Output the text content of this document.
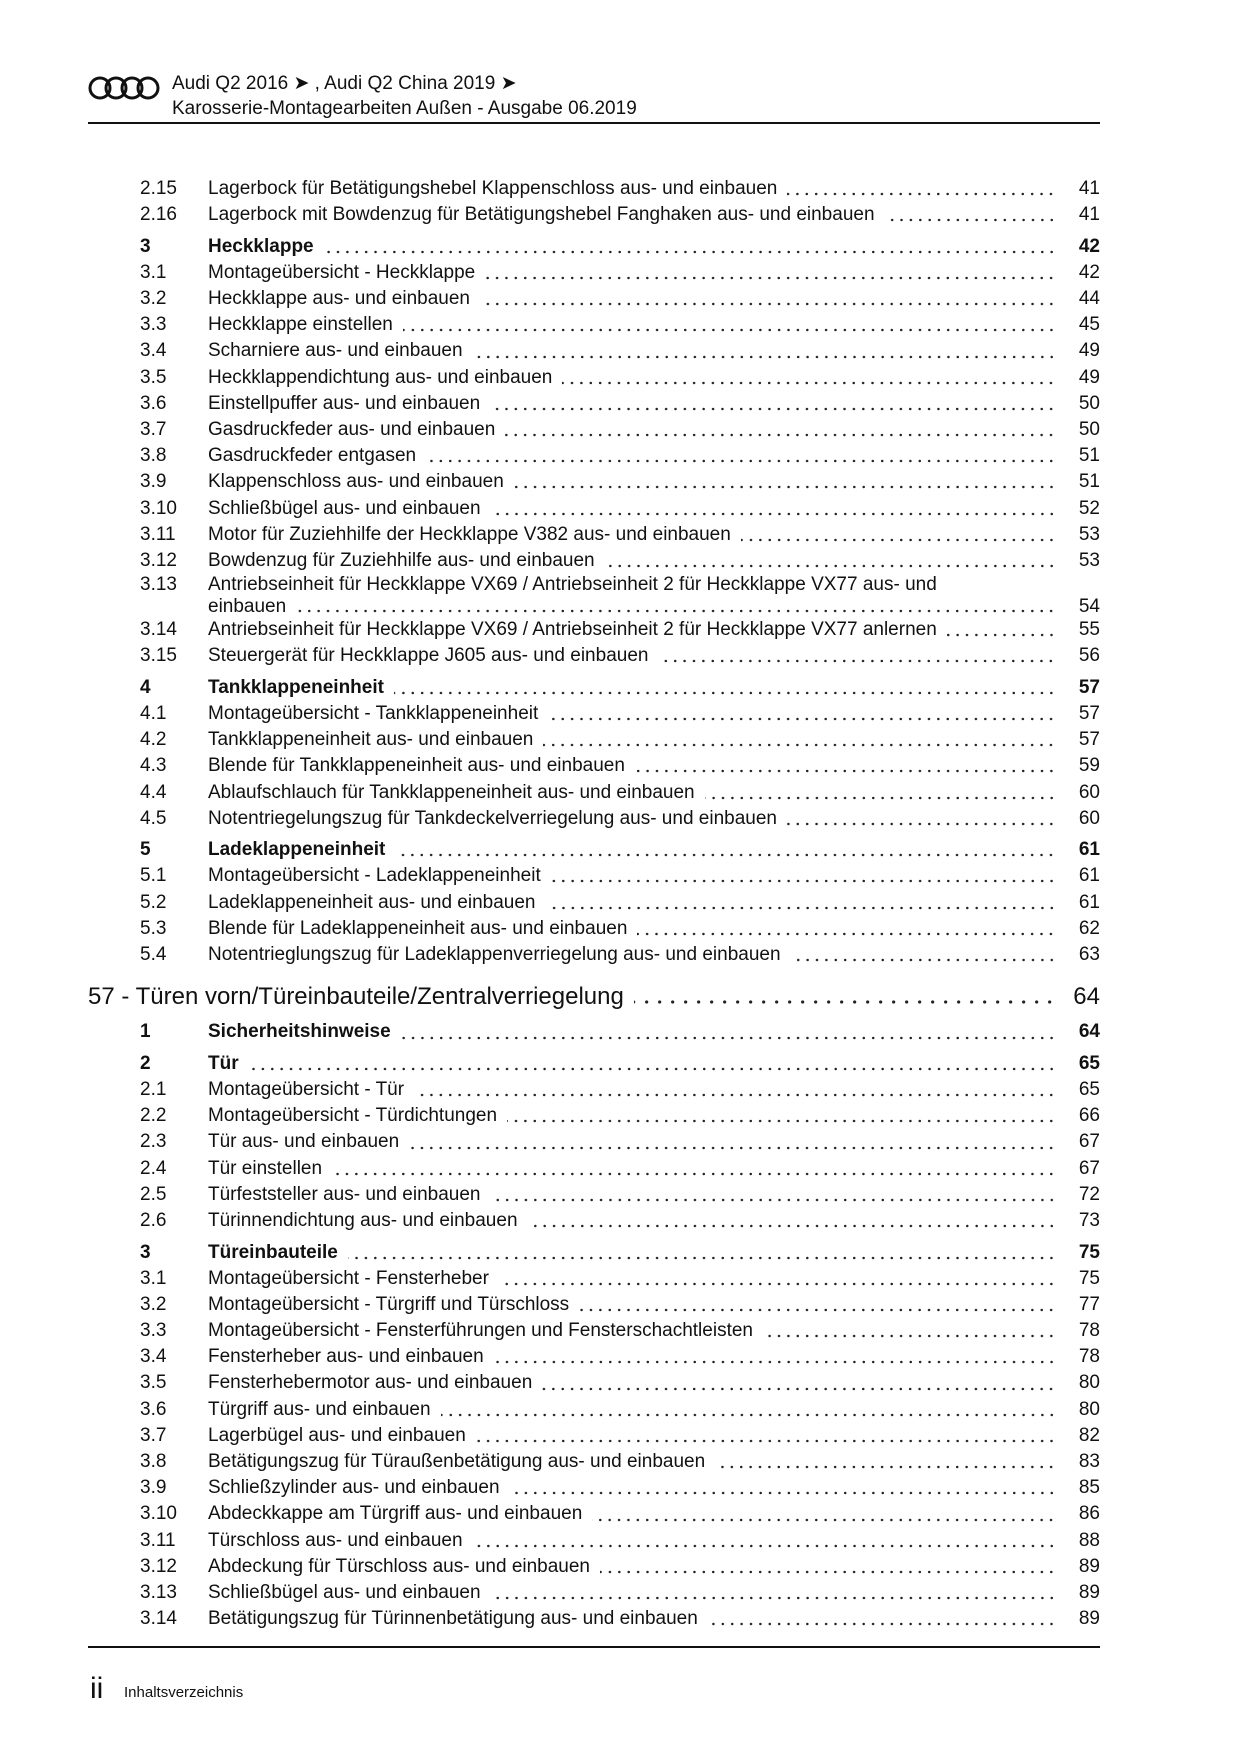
Audi Q2 2016 ➤ , Audi Q2 China 2019 ➤
Karosserie-Montagearbeiten Außen - Ausgabe 06.2019
2.15	Lagerbock für Betätigungshebel Klappenschloss aus- und einbauen	41
2.16	Lagerbock mit Bowdenzug für Betätigungshebel Fanghaken aus- und einbauen	41
3	Heckklappe	42
3.1	Montageübersicht - Heckklappe	42
3.2	Heckklappe aus- und einbauen	44
3.3	Heckklappe einstellen	45
3.4	Scharniere aus- und einbauen	49
3.5	Heckklappendichtung aus- und einbauen	49
3.6	Einstellpuffer aus- und einbauen	50
3.7	Gasdruckfeder aus- und einbauen	50
3.8	Gasdruckfeder entgasen	51
3.9	Klappenschloss aus- und einbauen	51
3.10	Schließbügel aus- und einbauen	52
3.11	Motor für Zuziehhilfe der Heckklappe V382 aus- und einbauen	53
3.12	Bowdenzug für Zuziehhilfe aus- und einbauen	53
3.13	Antriebseinheit für Heckklappe VX69 / Antriebseinheit 2 für Heckklappe VX77 aus- und
einbauen	54
3.14	Antriebseinheit für Heckklappe VX69 / Antriebseinheit 2 für Heckklappe VX77 anlernen	55
3.15	Steuergerät für Heckklappe J605 aus- und einbauen	56
4	Tankklappeneinheit	57
4.1	Montageübersicht - Tankklappeneinheit	57
4.2	Tankklappeneinheit aus- und einbauen	57
4.3	Blende für Tankklappeneinheit aus- und einbauen	59
4.4	Ablaufschlauch für Tankklappeneinheit aus- und einbauen	60
4.5	Notentriegelungszug für Tankdeckelverriegelung aus- und einbauen	60
5	Ladeklappeneinheit	61
5.1	Montageübersicht - Ladeklappeneinheit	61
5.2	Ladeklappeneinheit aus- und einbauen	61
5.3	Blende für Ladeklappeneinheit aus- und einbauen	62
5.4	Notentrieglungszug für Ladeklappenverriegelung aus- und einbauen	63
57 - Türen vorn/Türeinbauteile/Zentralverriegelung	64
1	Sicherheitshinweise	64
2	Tür	65
2.1	Montageübersicht - Tür	65
2.2	Montageübersicht - Türdichtungen	66
2.3	Tür aus- und einbauen	67
2.4	Tür einstellen	67
2.5	Türfeststeller aus- und einbauen	72
2.6	Türinnendichtung aus- und einbauen	73
3	Türeinbauteile	75
3.1	Montageübersicht - Fensterheber	75
3.2	Montageübersicht - Türgriff und Türschloss	77
3.3	Montageübersicht - Fensterführungen und Fensterschachtleisten	78
3.4	Fensterheber aus- und einbauen	78
3.5	Fensterhebermotor aus- und einbauen	80
3.6	Türgriff aus- und einbauen	80
3.7	Lagerbügel aus- und einbauen	82
3.8	Betätigungszug für Türaußenbetätigung aus- und einbauen	83
3.9	Schließzylinder aus- und einbauen	85
3.10	Abdeckkappe am Türgriff aus- und einbauen	86
3.11	Türschloss aus- und einbauen	88
3.12	Abdeckung für Türschloss aus- und einbauen	89
3.13	Schließbügel aus- und einbauen	89
3.14	Betätigungszug für Türinnenbetätigung aus- und einbauen	89
ii Inhaltsverzeichnis
